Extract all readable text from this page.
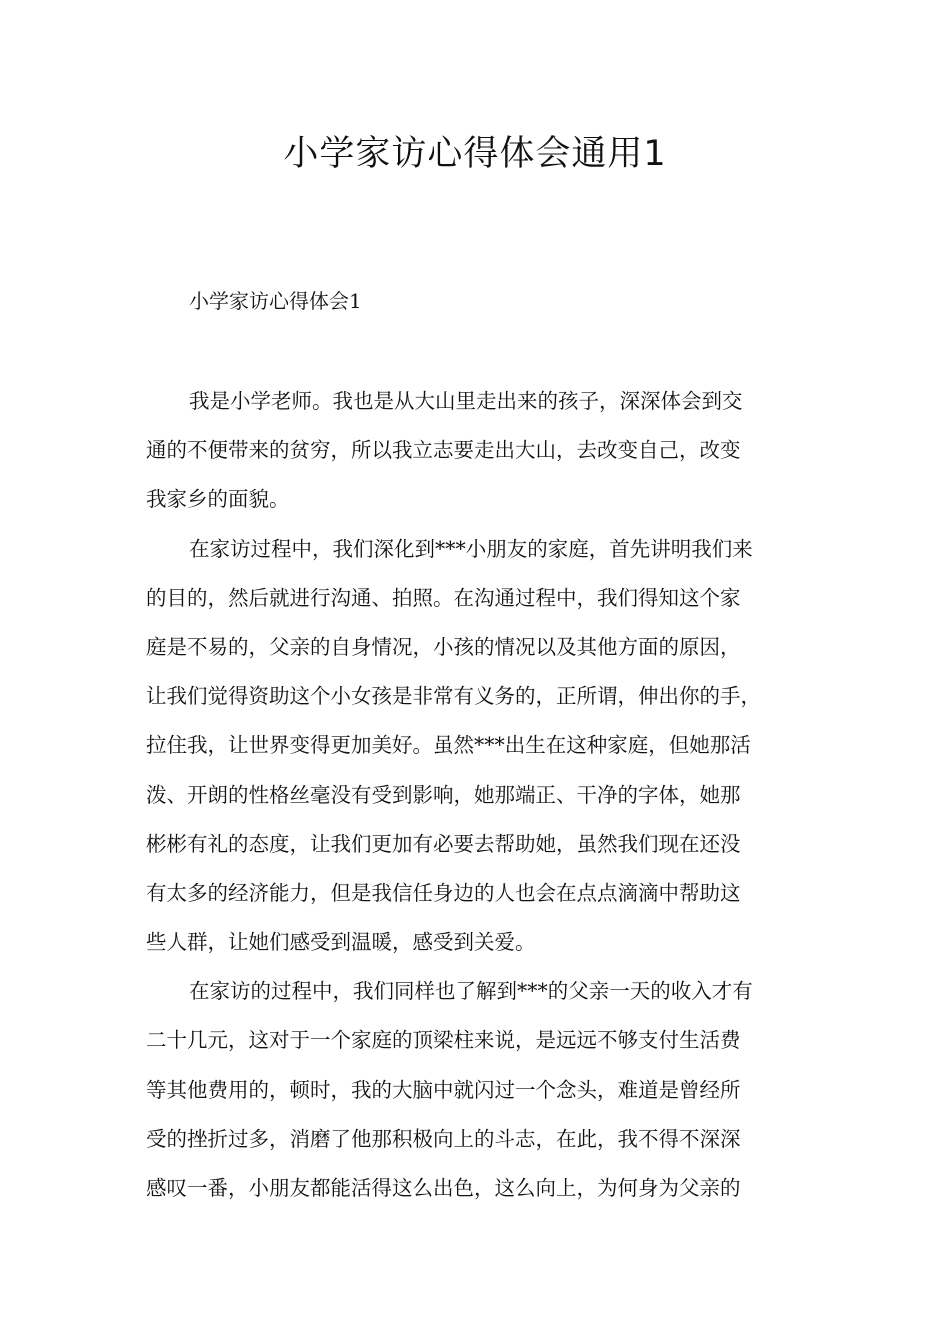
小学家访心得体会通用1

小学家访心得体会1

我是小学老师。我也是从大山里走出来的孩子，深深体会到交
通的不便带来的贫穷，所以我立志要走出大山，去改变自己，改变
我家乡的面貌。
在家访过程中，我们深化到***小朋友的家庭，首先讲明我们来
的目的，然后就进行沟通、拍照。在沟通过程中，我们得知这个家
庭是不易的，父亲的自身情况，小孩的情况以及其他方面的原因，
让我们觉得资助这个小女孩是非常有义务的，正所谓，伸出你的手，
拉住我，让世界变得更加美好。虽然***出生在这种家庭，但她那活
泼、开朗的性格丝毫没有受到影响，她那端正、干净的字体，她那
彬彬有礼的态度，让我们更加有必要去帮助她，虽然我们现在还没
有太多的经济能力，但是我信任身边的人也会在点点滴滴中帮助这
些人群，让她们感受到温暖，感受到关爱。
在家访的过程中，我们同样也了解到***的父亲一天的收入才有
二十几元，这对于一个家庭的顶梁柱来说，是远远不够支付生活费
等其他费用的，顿时，我的大脑中就闪过一个念头，难道是曾经所
受的挫折过多，消磨了他那积极向上的斗志，在此，我不得不深深
感叹一番，小朋友都能活得这么出色，这么向上，为何身为父亲的
